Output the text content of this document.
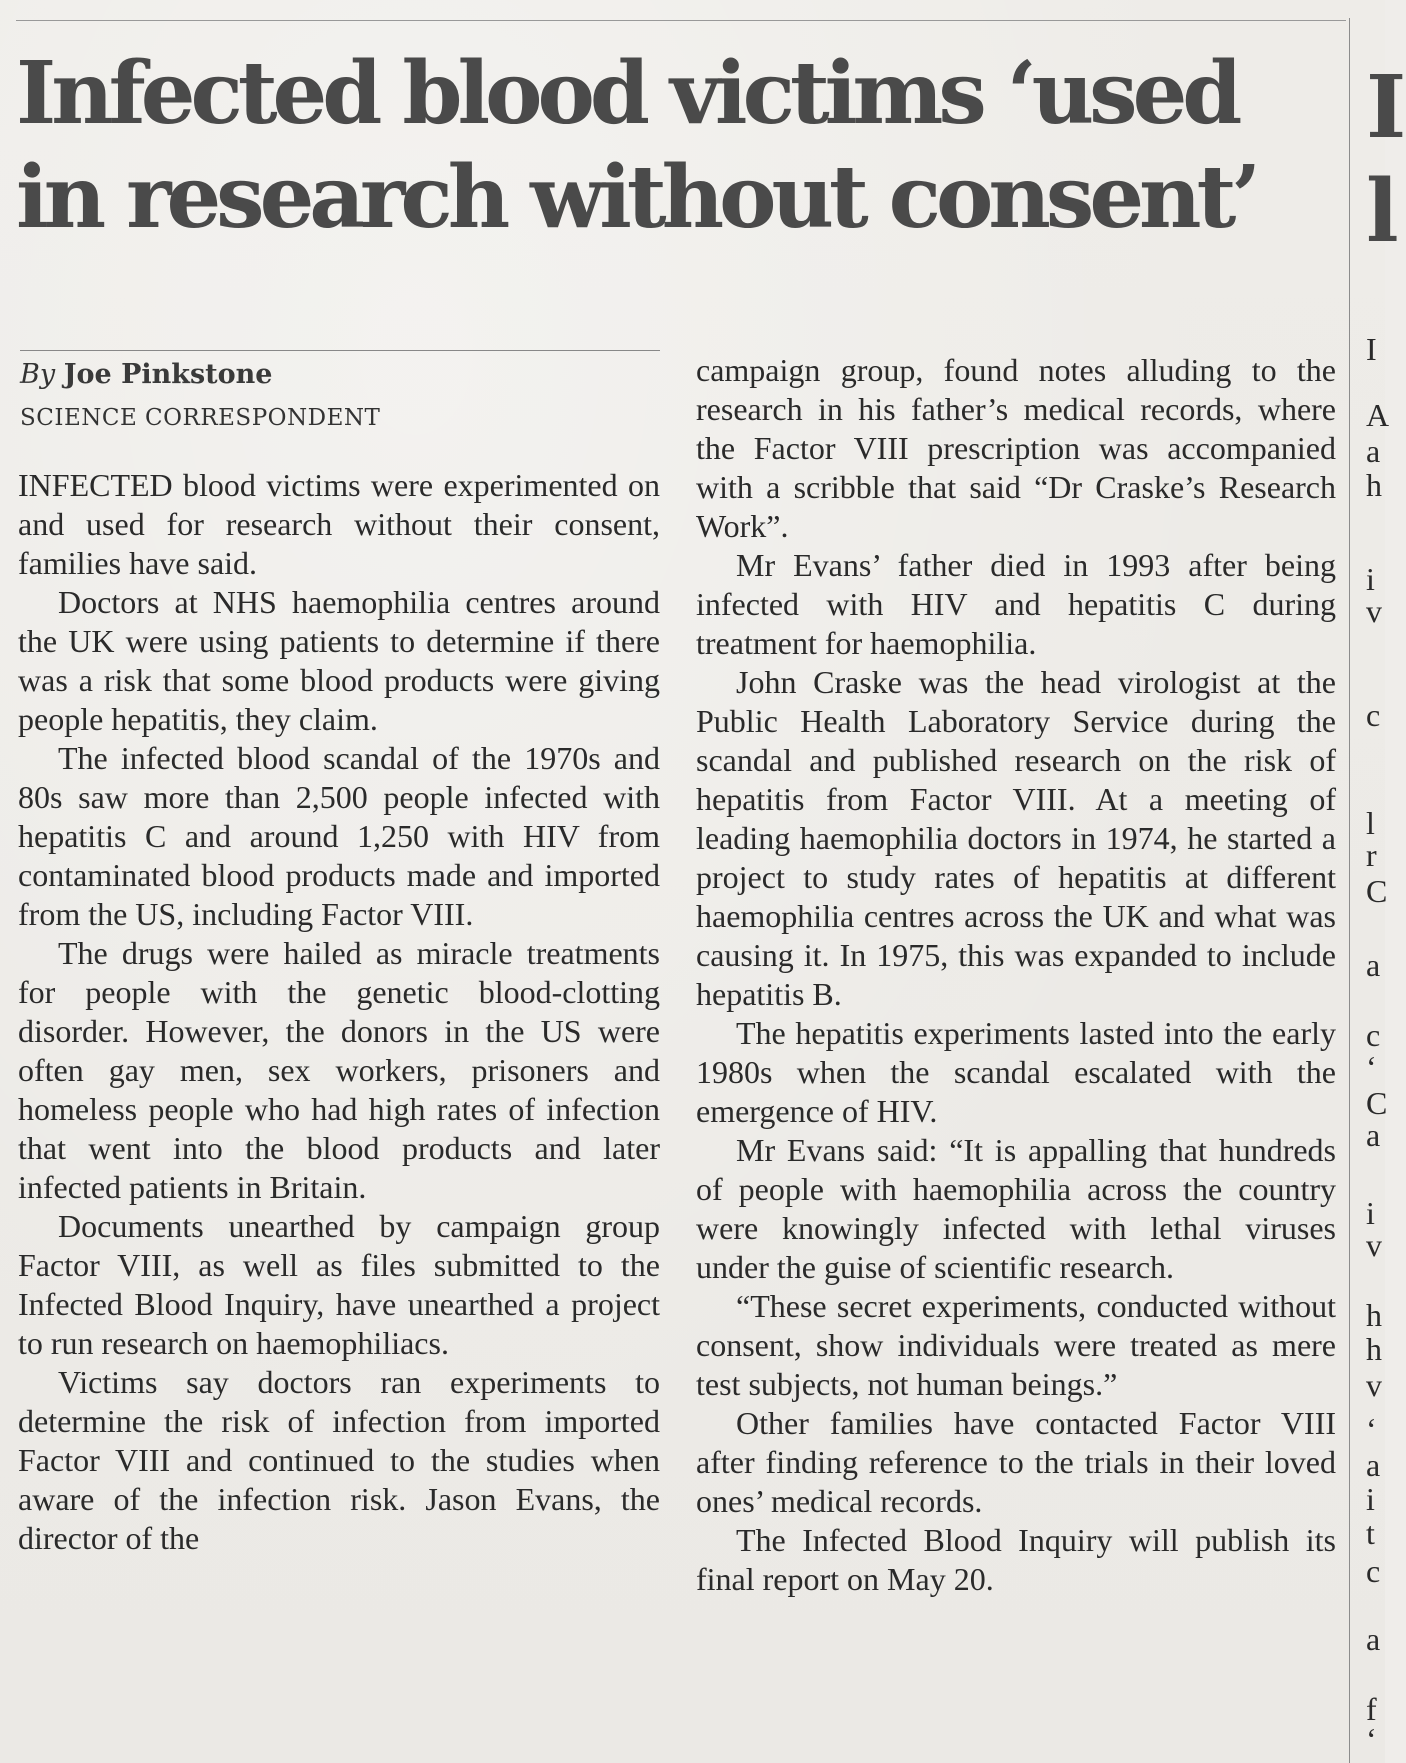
Infected blood victims ‘used
in research without consent’
By Joe Pinkstone
SCIENCE CORRESPONDENT

INFECTED blood victims were experimented on and used for research without their consent, families have said.

Doctors at NHS haemophilia centres around the UK were using patients to determine if there was a risk that some blood products were giving people hepatitis, they claim.

The infected blood scandal of the 1970s and 80s saw more than 2,500 people infected with hepatitis C and around 1,250 with HIV from contaminated blood products made and imported from the US, including Factor VIII.

The drugs were hailed as miracle treatments for people with the genetic blood-clotting disorder. However, the donors in the US were often gay men, sex workers, prisoners and homeless people who had high rates of infection that went into the blood products and later infected patients in Britain.

Documents unearthed by campaign group Factor VIII, as well as files submitted to the Infected Blood Inquiry, have unearthed a project to run research on haemophiliacs.

Victims say doctors ran experiments to determine the risk of infection from imported Factor VIII and continued to the studies when aware of the infection risk. Jason Evans, the director of the

campaign group, found notes alluding to the research in his father’s medical records, where the Factor VIII prescription was accompanied with a scribble that said “Dr Craske’s Research Work”.

Mr Evans’ father died in 1993 after being infected with HIV and hepatitis C during treatment for haemophilia.

John Craske was the head virologist at the Public Health Laboratory Service during the scandal and published research on the risk of hepatitis from Factor VIII. At a meeting of leading haemophilia doctors in 1974, he started a project to study rates of hepatitis at different haemophilia centres across the UK and what was causing it. In 1975, this was expanded to include hepatitis B.

The hepatitis experiments lasted into the early 1980s when the scandal escalated with the emergence of HIV.

Mr Evans said: “It is appalling that hundreds of people with haemophilia across the country were knowingly infected with lethal viruses under the guise of scientific research.

“These secret experiments, conducted without consent, show individuals were treated as mere test subjects, not human beings.”

Other families have contacted Factor VIII after finding reference to the trials in their loved ones’ medical records.

The Infected Blood Inquiry will publish its final report on May 20.

I
l
I
A
a
h
i
v
c
l
r
C
a
c
‘
C
a
i
v
h
h
v
‘
a
i
t
c
a
f
‘
